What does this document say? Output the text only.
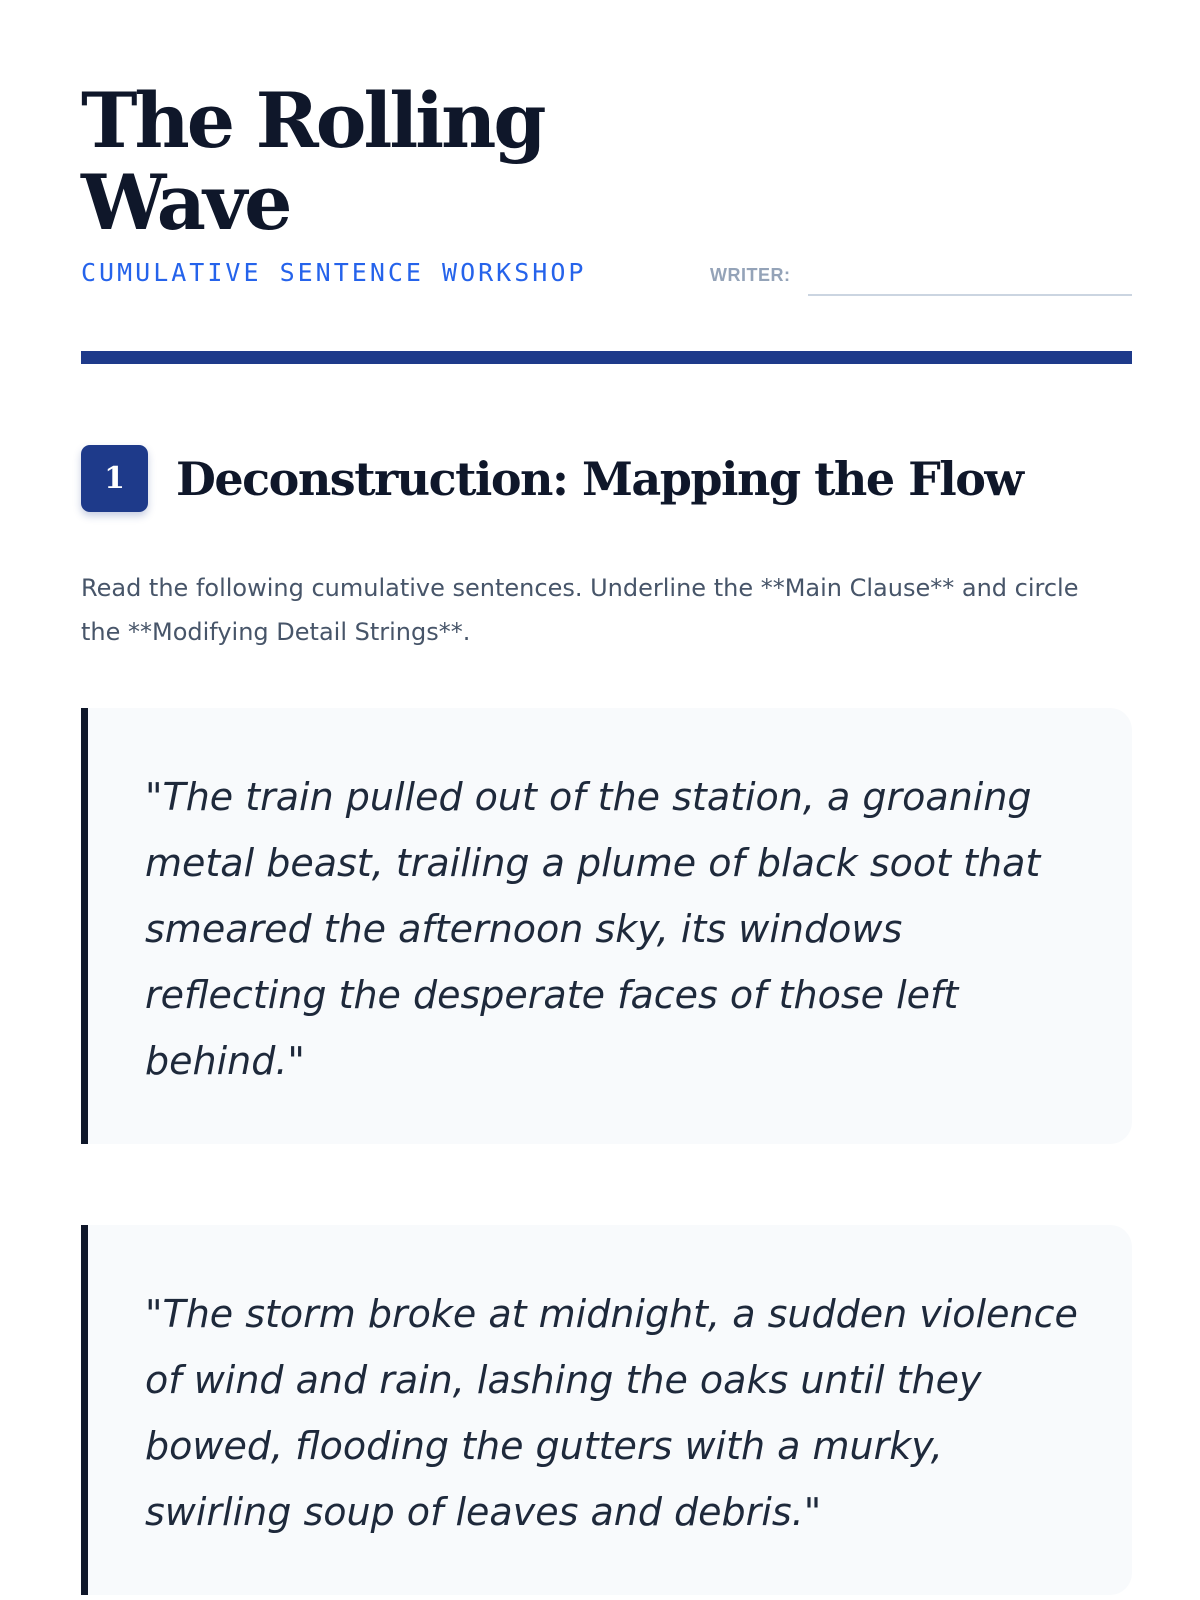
The Rolling Wave
CUMULATIVE SENTENCE WORKSHOP	WRITER:
1	Deconstruction: Mapping the Flow

Read the following cumulative sentences. Underline the **Main Clause** and circle the **Modifying Detail Strings**.

"The train pulled out of the station, a groaning metal beast, trailing a plume of black soot that smeared the afternoon sky, its windows reflecting the desperate faces of those left behind."

"The storm broke at midnight, a sudden violence of wind and rain, lashing the oaks until they bowed, flooding the gutters with a murky, swirling soup of leaves and debris."
